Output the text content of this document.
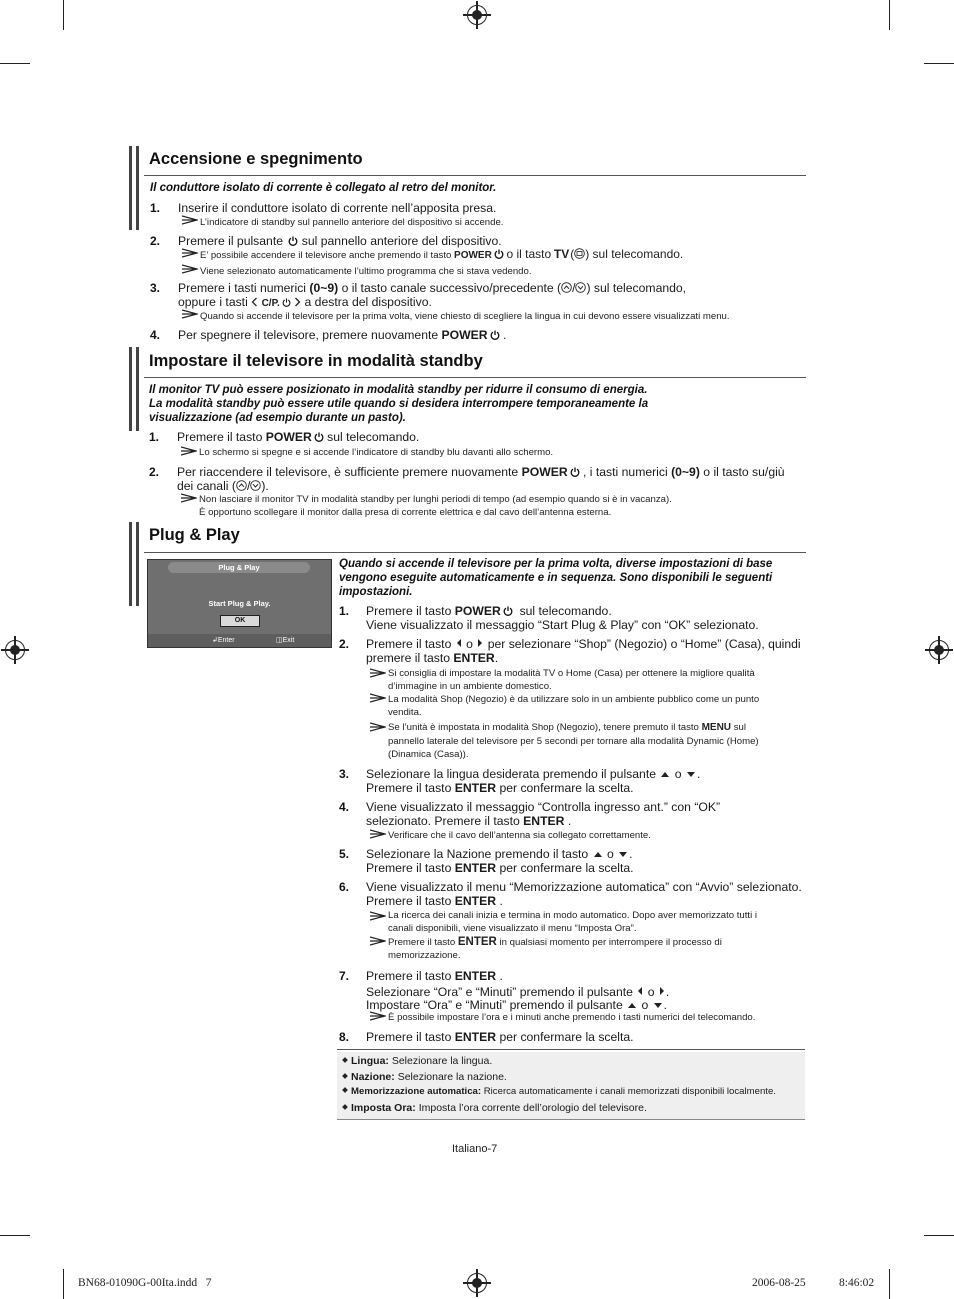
Accensione e spegnimento
Il conduttore isolato di corrente è collegato al retro del monitor.
1. Inserire il conduttore isolato di corrente nell’apposita presa.
L’indicatore di standby sul pannello anteriore del dispositivo si accende.
2. Premere il pulsante sul pannello anteriore del dispositivo.
E’ possibile accendere il televisore anche premendo il tasto POWER o il tasto TV ( ) sul telecomando.
Viene selezionato automaticamente l’ultimo programma che si stava vedendo.
3. Premere i tasti numerici (0~9) o il tasto canale successivo/precedente ( / ) sul telecomando,
oppure i tasti C/P. a destra del dispositivo.
Quando si accende il televisore per la prima volta, viene chiesto di scegliere la lingua in cui devono essere visualizzati menu.
4. Per spegnere il televisore, premere nuovamente POWER .
Impostare il televisore in modalità standby
Il monitor TV può essere posizionato in modalità standby per ridurre il consumo di energia.
La modalità standby può essere utile quando si desidera interrompere temporaneamente la
visualizzazione (ad esempio durante un pasto).
1. Premere il tasto POWER sul telecomando.
Lo schermo si spegne e si accende l’indicatore di standby blu davanti allo schermo.
2. Per riaccendere il televisore, è sufficiente premere nuovamente POWER , i tasti numerici (0~9) o il tasto su/giù
dei canali ( / ).
Non lasciare il monitor TV in modalità standby per lunghi periodi di tempo (ad esempio quando si è in vacanza).
È opportuno scollegare il monitor dalla presa di corrente elettrica e dal cavo dell’antenna esterna.
Plug & Play
Plug & Play
Start Plug & Play.
OK
↲Enter	◫Exit
Quando si accende il televisore per la prima volta, diverse impostazioni di base
vengono eseguite automaticamente e in sequenza. Sono disponibili le seguenti
impostazioni.
1. Premere il tasto POWER sul telecomando.
Viene visualizzato il messaggio “Start Plug & Play” con “OK” selezionato.
2. Premere il tasto o per selezionare “Shop” (Negozio) o “Home” (Casa), quindi
premere il tasto ENTER.
Si consiglia di impostare la modalità TV o Home (Casa) per ottenere la migliore qualità
d’immagine in un ambiente domestico.
La modalità Shop (Negozio) è da utilizzare solo in un ambiente pubblico come un punto
vendita.
Se l’unità è impostata in modalità Shop (Negozio), tenere premuto il tasto MENU sul
pannello laterale del televisore per 5 secondi per tornare alla modalità Dynamic (Home)
(Dinamica (Casa)).
3. Selezionare la lingua desiderata premendo il pulsante o .
Premere il tasto ENTER per confermare la scelta.
4. Viene visualizzato il messaggio “Controlla ingresso ant.” con “OK”
selezionato. Premere il tasto ENTER .
Verificare che il cavo dell’antenna sia collegato correttamente.
5. Selezionare la Nazione premendo il tasto o .
Premere il tasto ENTER per confermare la scelta.
6. Viene visualizzato il menu “Memorizzazione automatica” con “Avvio” selezionato.
Premere il tasto ENTER .
La ricerca dei canali inizia e termina in modo automatico. Dopo aver memorizzato tutti i
canali disponibili, viene visualizzato il menu “Imposta Ora”.
Premere il tasto ENTER in qualsiasi momento per interrompere il processo di
memorizzazione.
7. Premere il tasto ENTER .
Selezionare “Ora” e “Minuti” premendo il pulsante o .
Impostare “Ora” e “Minuti” premendo il pulsante o .
È possibile impostare l’ora e i minuti anche premendo i tasti numerici del telecomando.
8. Premere il tasto ENTER per confermare la scelta.
Lingua: Selezionare la lingua.
Nazione: Selezionare la nazione.
Memorizzazione automatica: Ricerca automaticamente i canali memorizzati disponibili localmente.
Imposta Ora: Imposta l’ora corrente dell’orologio del televisore.
Italiano-7
BN68-01090G-00Ita.indd   7	2006-08-25	8:46:02
